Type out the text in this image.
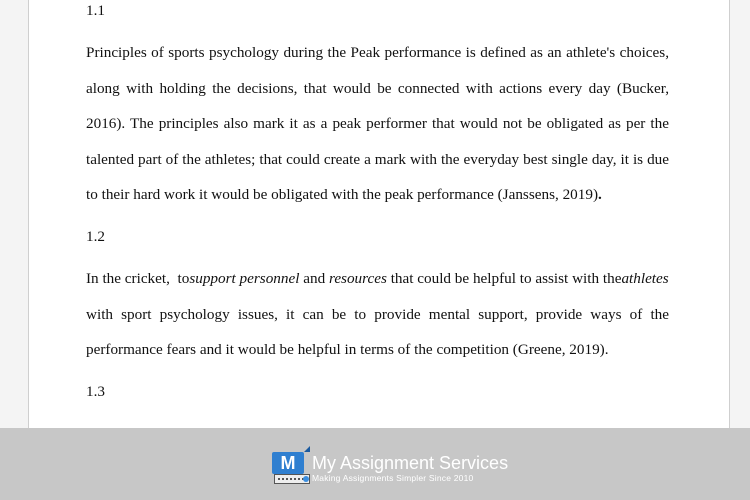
1.1
Principles of sports psychology during the Peak performance is defined as an athlete's choices,
along with holding the decisions, that would be connected with actions every day (Bucker,
2016). The principles also mark it as a peak performer that would not be obligated as per the
talented part of the athletes; that could create a mark with the everyday best single day, it is due
to their hard work it would be obligated with the peak performance (Janssens, 2019).
1.2
In the cricket,  tosupport personnel and resources that could be helpful to assist with theathletes
with sport psychology issues, it can be to provide mental support, provide ways of the
performance fears and it would be helpful in terms of the competition (Greene, 2019).
1.3
M My Assignment Services
Making Assignments Simpler Since 2010
